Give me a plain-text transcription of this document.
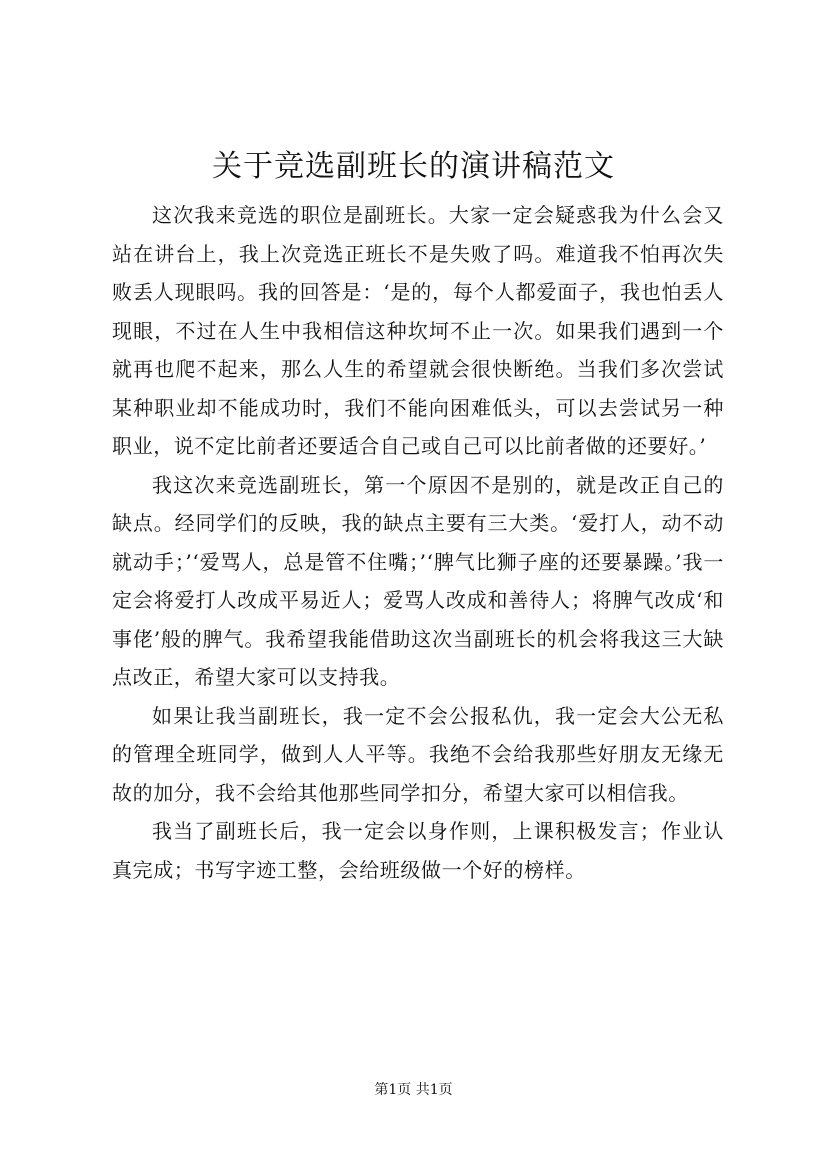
关于竞选副班长的演讲稿范文

这次我来竞选的职位是副班长。大家一定会疑惑我为什么会又站在讲台上，我上次竞选正班长不是失败了吗。难道我不怕再次失败丢人现眼吗。我的回答是：‘是的，每个人都爱面子，我也怕丢人现眼，不过在人生中我相信这种坎坷不止一次。如果我们遇到一个就再也爬不起来，那么人生的希望就会很快断绝。当我们多次尝试某种职业却不能成功时，我们不能向困难低头，可以去尝试另一种职业，说不定比前者还要适合自己或自己可以比前者做的还要好。’

我这次来竞选副班长，第一个原因不是别的，就是改正自己的缺点。经同学们的反映，我的缺点主要有三大类。‘爱打人，动不动就动手；’‘爱骂人，总是管不住嘴；’‘脾气比狮子座的还要暴躁。’我一定会将爱打人改成平易近人；爱骂人改成和善待人；将脾气改成‘和事佬’般的脾气。我希望我能借助这次当副班长的机会将我这三大缺点改正，希望大家可以支持我。

如果让我当副班长，我一定不会公报私仇，我一定会大公无私的管理全班同学，做到人人平等。我绝不会给我那些好朋友无缘无故的加分，我不会给其他那些同学扣分，希望大家可以相信我。

我当了副班长后，我一定会以身作则，上课积极发言；作业认真完成；书写字迹工整，会给班级做一个好的榜样。

第1页 共1页
